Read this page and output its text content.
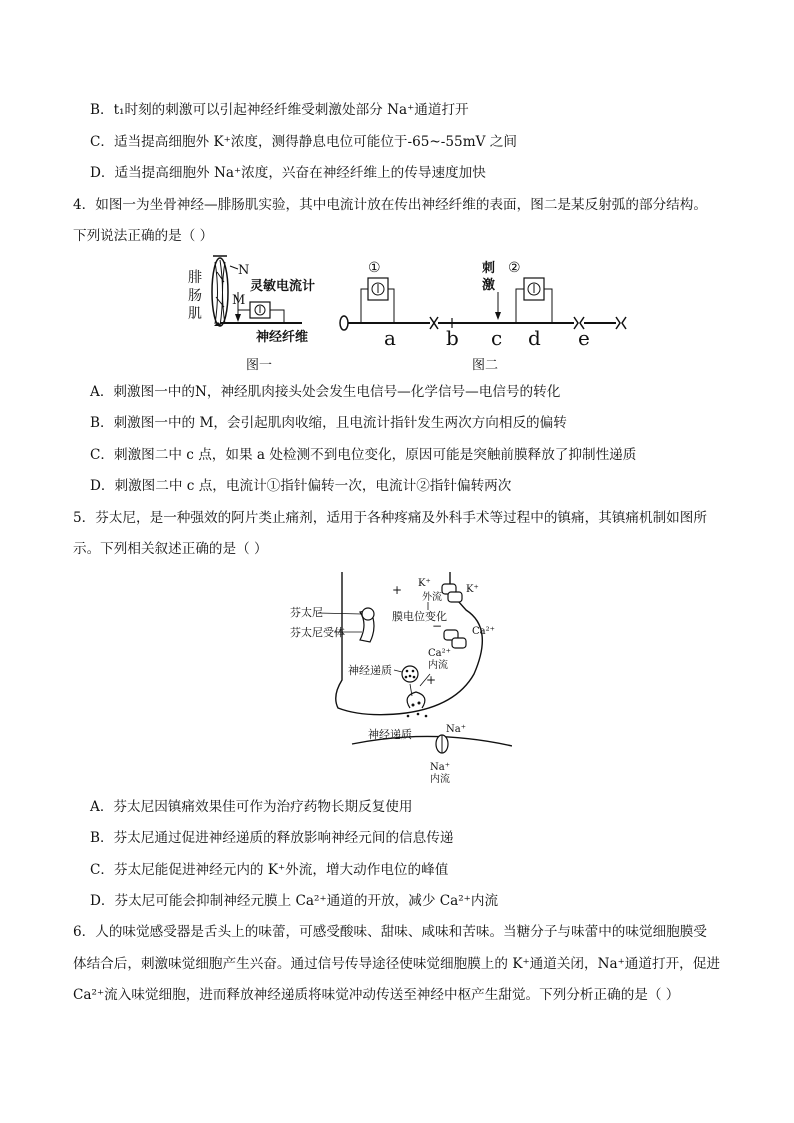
B．t₁时刻的刺激可以引起神经纤维受刺激处部分 Na⁺通道打开
C．适当提高细胞外 K⁺浓度，测得静息电位可能位于-65~-55mV 之间
D．适当提高细胞外 Na⁺浓度，兴奋在神经纤维上的传导速度加快
4．如图一为坐骨神经—腓肠肌实验，其中电流计放在传出神经纤维的表面，图二是某反射弧的部分结构。
下列说法正确的是（ ）
腓
肠
肌
N
M
灵敏电流计
神经纤维
图一
①	②
刺
激
a	b c d e
图二
A．刺激图一中的N，神经肌肉接头处会发生电信号—化学信号—电信号的转化
B．刺激图一中的 M，会引起肌肉收缩，且电流计指针发生两次方向相反的偏转
C．刺激图二中 c 点，如果 a 处检测不到电位变化，原因可能是突触前膜释放了抑制性递质
D．刺激图二中 c 点，电流计①指针偏转一次，电流计②指针偏转两次
5．芬太尼，是一种强效的阿片类止痛剂，适用于各种疼痛及外科手术等过程中的镇痛，其镇痛机制如图所
示。下列相关叙述正确的是（ ）
芬太尼
芬太尼受体
K⁺
K⁺
外流
+
膜电位变化
−	Ca²⁺
Ca²⁺
内流
+
神经递质
神经递质	Na⁺
Na⁺
内流
A．芬太尼因镇痛效果佳可作为治疗药物长期反复使用
B．芬太尼通过促进神经递质的释放影响神经元间的信息传递
C．芬太尼能促进神经元内的 K⁺外流，增大动作电位的峰值
D．芬太尼可能会抑制神经元膜上 Ca²⁺通道的开放，减少 Ca²⁺内流
6．人的味觉感受器是舌头上的味蕾，可感受酸味、甜味、咸味和苦味。当糖分子与味蕾中的味觉细胞膜受
体结合后，刺激味觉细胞产生兴奋。通过信号传导途径使味觉细胞膜上的 K⁺通道关闭，Na⁺通道打开，促进
Ca²⁺流入味觉细胞，进而释放神经递质将味觉冲动传送至神经中枢产生甜觉。下列分析正确的是（ ）
